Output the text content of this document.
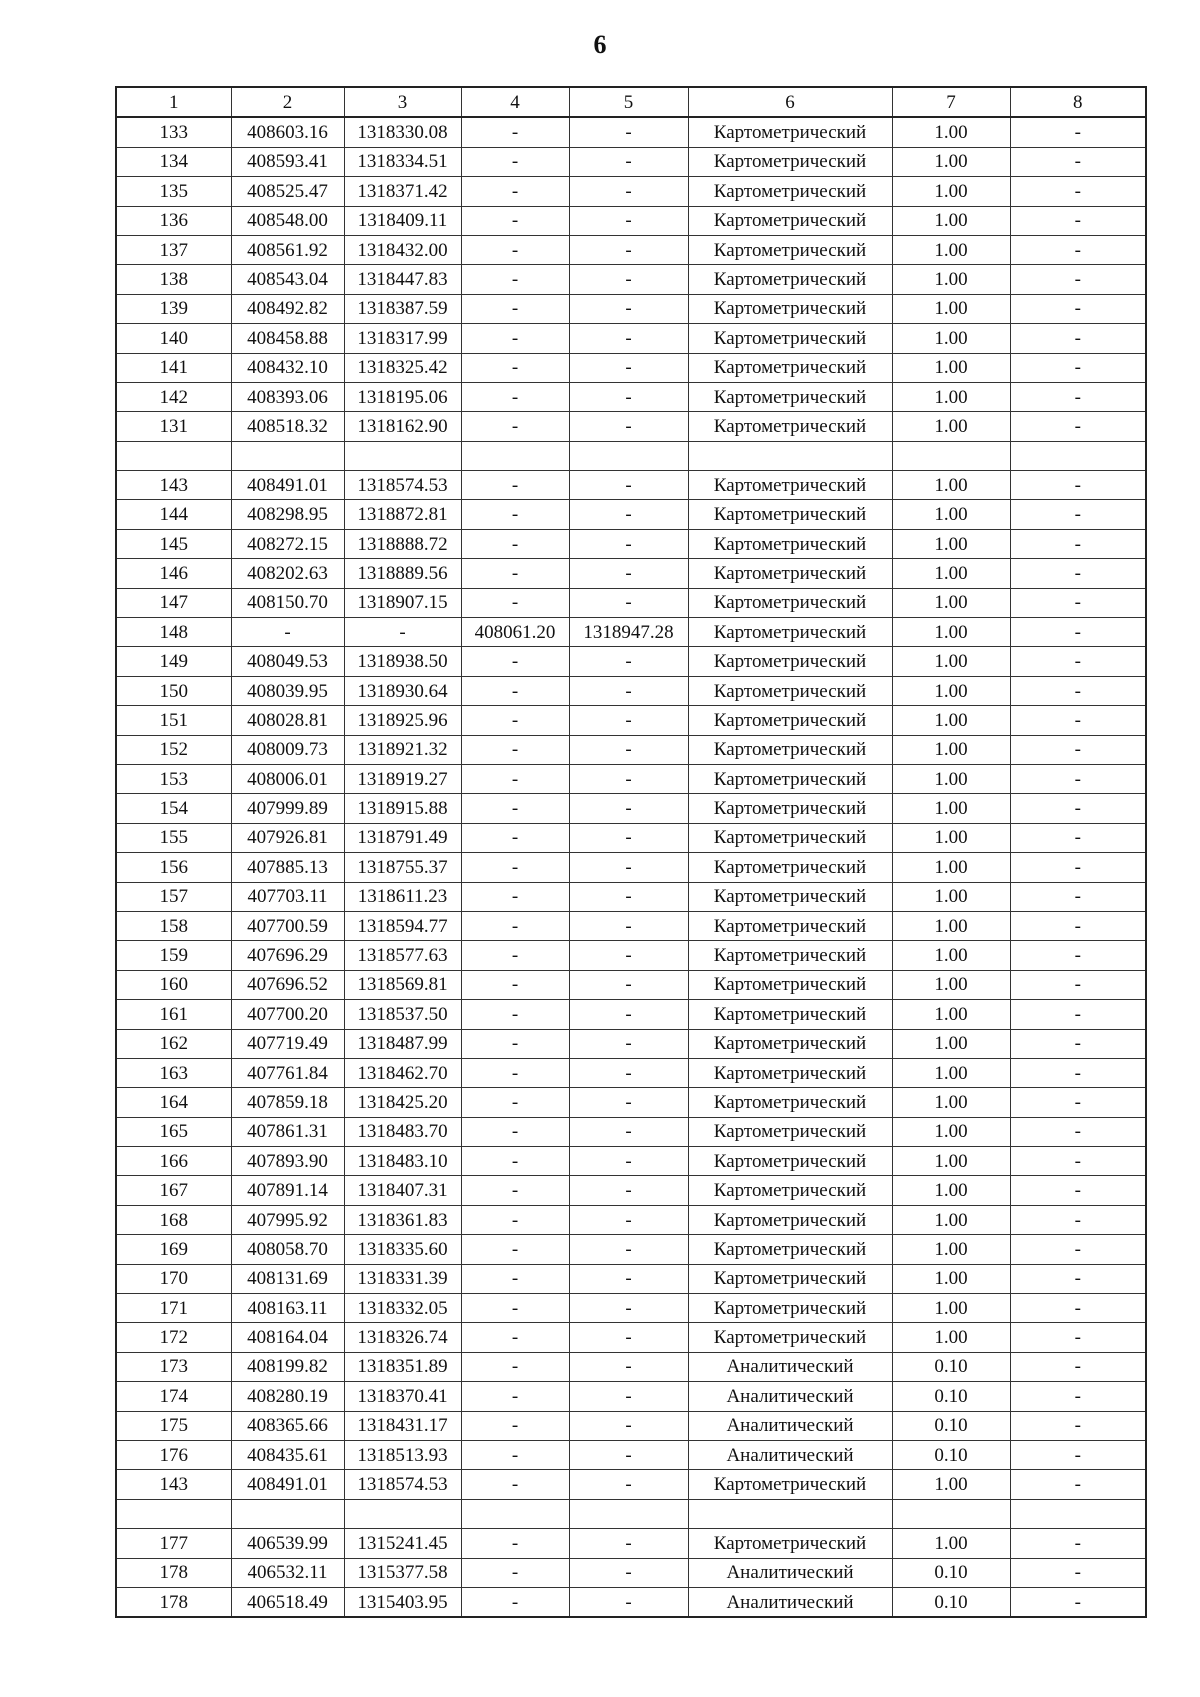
6
1	2	3	4	5	6	7	8
133	408603.16	1318330.08	-	-	Картометрический	1.00	-
134	408593.41	1318334.51	-	-	Картометрический	1.00	-
135	408525.47	1318371.42	-	-	Картометрический	1.00	-
136	408548.00	1318409.11	-	-	Картометрический	1.00	-
137	408561.92	1318432.00	-	-	Картометрический	1.00	-
138	408543.04	1318447.83	-	-	Картометрический	1.00	-
139	408492.82	1318387.59	-	-	Картометрический	1.00	-
140	408458.88	1318317.99	-	-	Картометрический	1.00	-
141	408432.10	1318325.42	-	-	Картометрический	1.00	-
142	408393.06	1318195.06	-	-	Картометрический	1.00	-
131	408518.32	1318162.90	-	-	Картометрический	1.00	-

143	408491.01	1318574.53	-	-	Картометрический	1.00	-
144	408298.95	1318872.81	-	-	Картометрический	1.00	-
145	408272.15	1318888.72	-	-	Картометрический	1.00	-
146	408202.63	1318889.56	-	-	Картометрический	1.00	-
147	408150.70	1318907.15	-	-	Картометрический	1.00	-
148	-	-	408061.20	1318947.28	Картометрический	1.00	-
149	408049.53	1318938.50	-	-	Картометрический	1.00	-
150	408039.95	1318930.64	-	-	Картометрический	1.00	-
151	408028.81	1318925.96	-	-	Картометрический	1.00	-
152	408009.73	1318921.32	-	-	Картометрический	1.00	-
153	408006.01	1318919.27	-	-	Картометрический	1.00	-
154	407999.89	1318915.88	-	-	Картометрический	1.00	-
155	407926.81	1318791.49	-	-	Картометрический	1.00	-
156	407885.13	1318755.37	-	-	Картометрический	1.00	-
157	407703.11	1318611.23	-	-	Картометрический	1.00	-
158	407700.59	1318594.77	-	-	Картометрический	1.00	-
159	407696.29	1318577.63	-	-	Картометрический	1.00	-
160	407696.52	1318569.81	-	-	Картометрический	1.00	-
161	407700.20	1318537.50	-	-	Картометрический	1.00	-
162	407719.49	1318487.99	-	-	Картометрический	1.00	-
163	407761.84	1318462.70	-	-	Картометрический	1.00	-
164	407859.18	1318425.20	-	-	Картометрический	1.00	-
165	407861.31	1318483.70	-	-	Картометрический	1.00	-
166	407893.90	1318483.10	-	-	Картометрический	1.00	-
167	407891.14	1318407.31	-	-	Картометрический	1.00	-
168	407995.92	1318361.83	-	-	Картометрический	1.00	-
169	408058.70	1318335.60	-	-	Картометрический	1.00	-
170	408131.69	1318331.39	-	-	Картометрический	1.00	-
171	408163.11	1318332.05	-	-	Картометрический	1.00	-
172	408164.04	1318326.74	-	-	Картометрический	1.00	-
173	408199.82	1318351.89	-	-	Аналитический	0.10	-
174	408280.19	1318370.41	-	-	Аналитический	0.10	-
175	408365.66	1318431.17	-	-	Аналитический	0.10	-
176	408435.61	1318513.93	-	-	Аналитический	0.10	-
143	408491.01	1318574.53	-	-	Картометрический	1.00	-

177	406539.99	1315241.45	-	-	Картометрический	1.00	-
178	406532.11	1315377.58	-	-	Аналитический	0.10	-
178	406518.49	1315403.95	-	-	Аналитический	0.10	-
